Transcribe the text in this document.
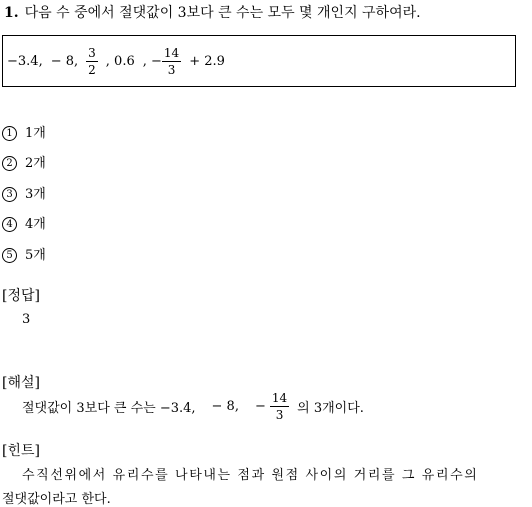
1. 다음 수 중에서 절댓값이 3보다 큰 수는 모두 몇 개인지 구하여라.
−3.4, − 8, $\frac{3}{2}$ , 0.6 , − $\frac{14}{3} + 2.9$
1 1개
2 2개
3 3개
4 4개
5 5개
[정답]
3
[해설]
절댓값이 3보다 큰 수는 −3.4, − 8, − $\frac{14}{3}$ 의 3개이다.
[힌트]
수직선위에서 유리수를 나타내는 점과 원점 사이의 거리를 그 유리수의
절댓값이라고 한다.
